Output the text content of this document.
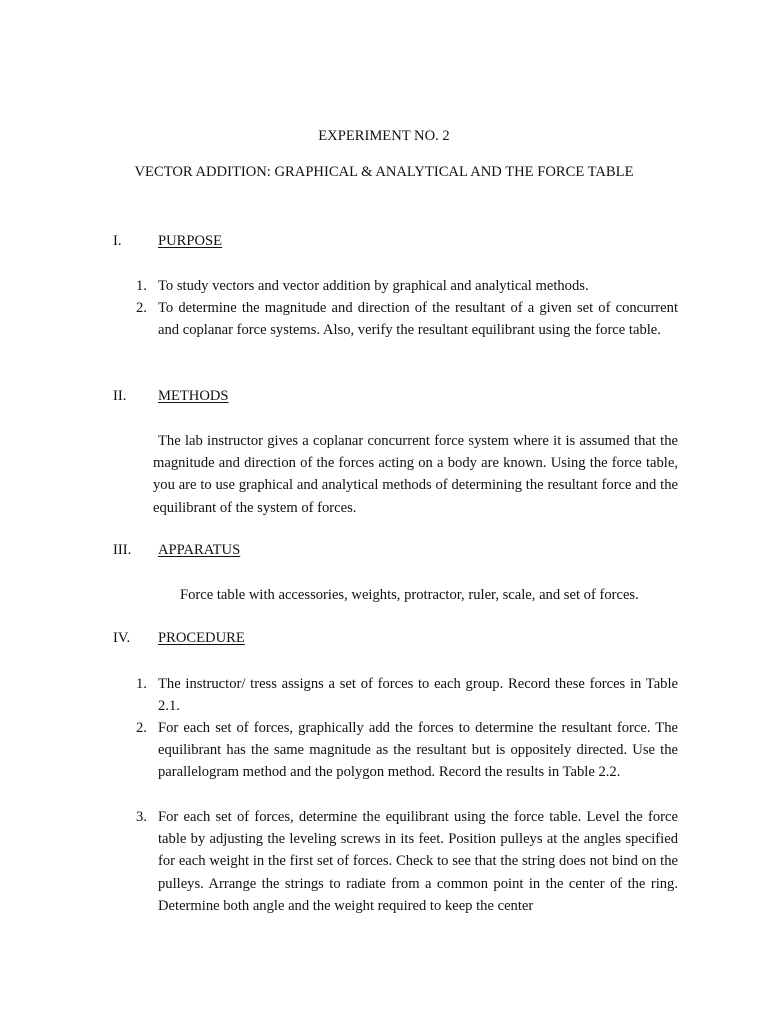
EXPERIMENT NO. 2
VECTOR ADDITION: GRAPHICAL & ANALYTICAL AND THE FORCE TABLE
I. PURPOSE
1. To study vectors and vector addition by graphical and analytical methods.
2. To determine the magnitude and direction of the resultant of a given set of concurrent and coplanar force systems. Also, verify the resultant equilibrant using the force table.
II. METHODS
The lab instructor gives a coplanar concurrent force system where it is assumed that the magnitude and direction of the forces acting on a body are known. Using the force table, you are to use graphical and analytical methods of determining the resultant force and the equilibrant of the system of forces.
III. APPARATUS
Force table with accessories, weights, protractor, ruler, scale, and set of forces.
IV. PROCEDURE
1. The instructor/ tress assigns a set of forces to each group. Record these forces in Table 2.1.
2. For each set of forces, graphically add the forces to determine the resultant force. The equilibrant has the same magnitude as the resultant but is oppositely directed. Use the parallelogram method and the polygon method. Record the results in Table 2.2.
3. For each set of forces, determine the equilibrant using the force table. Level the force table by adjusting the leveling screws in its feet. Position pulleys at the angles specified for each weight in the first set of forces. Check to see that the string does not bind on the pulleys. Arrange the strings to radiate from a common point in the center of the ring. Determine both angle and the weight required to keep the center
